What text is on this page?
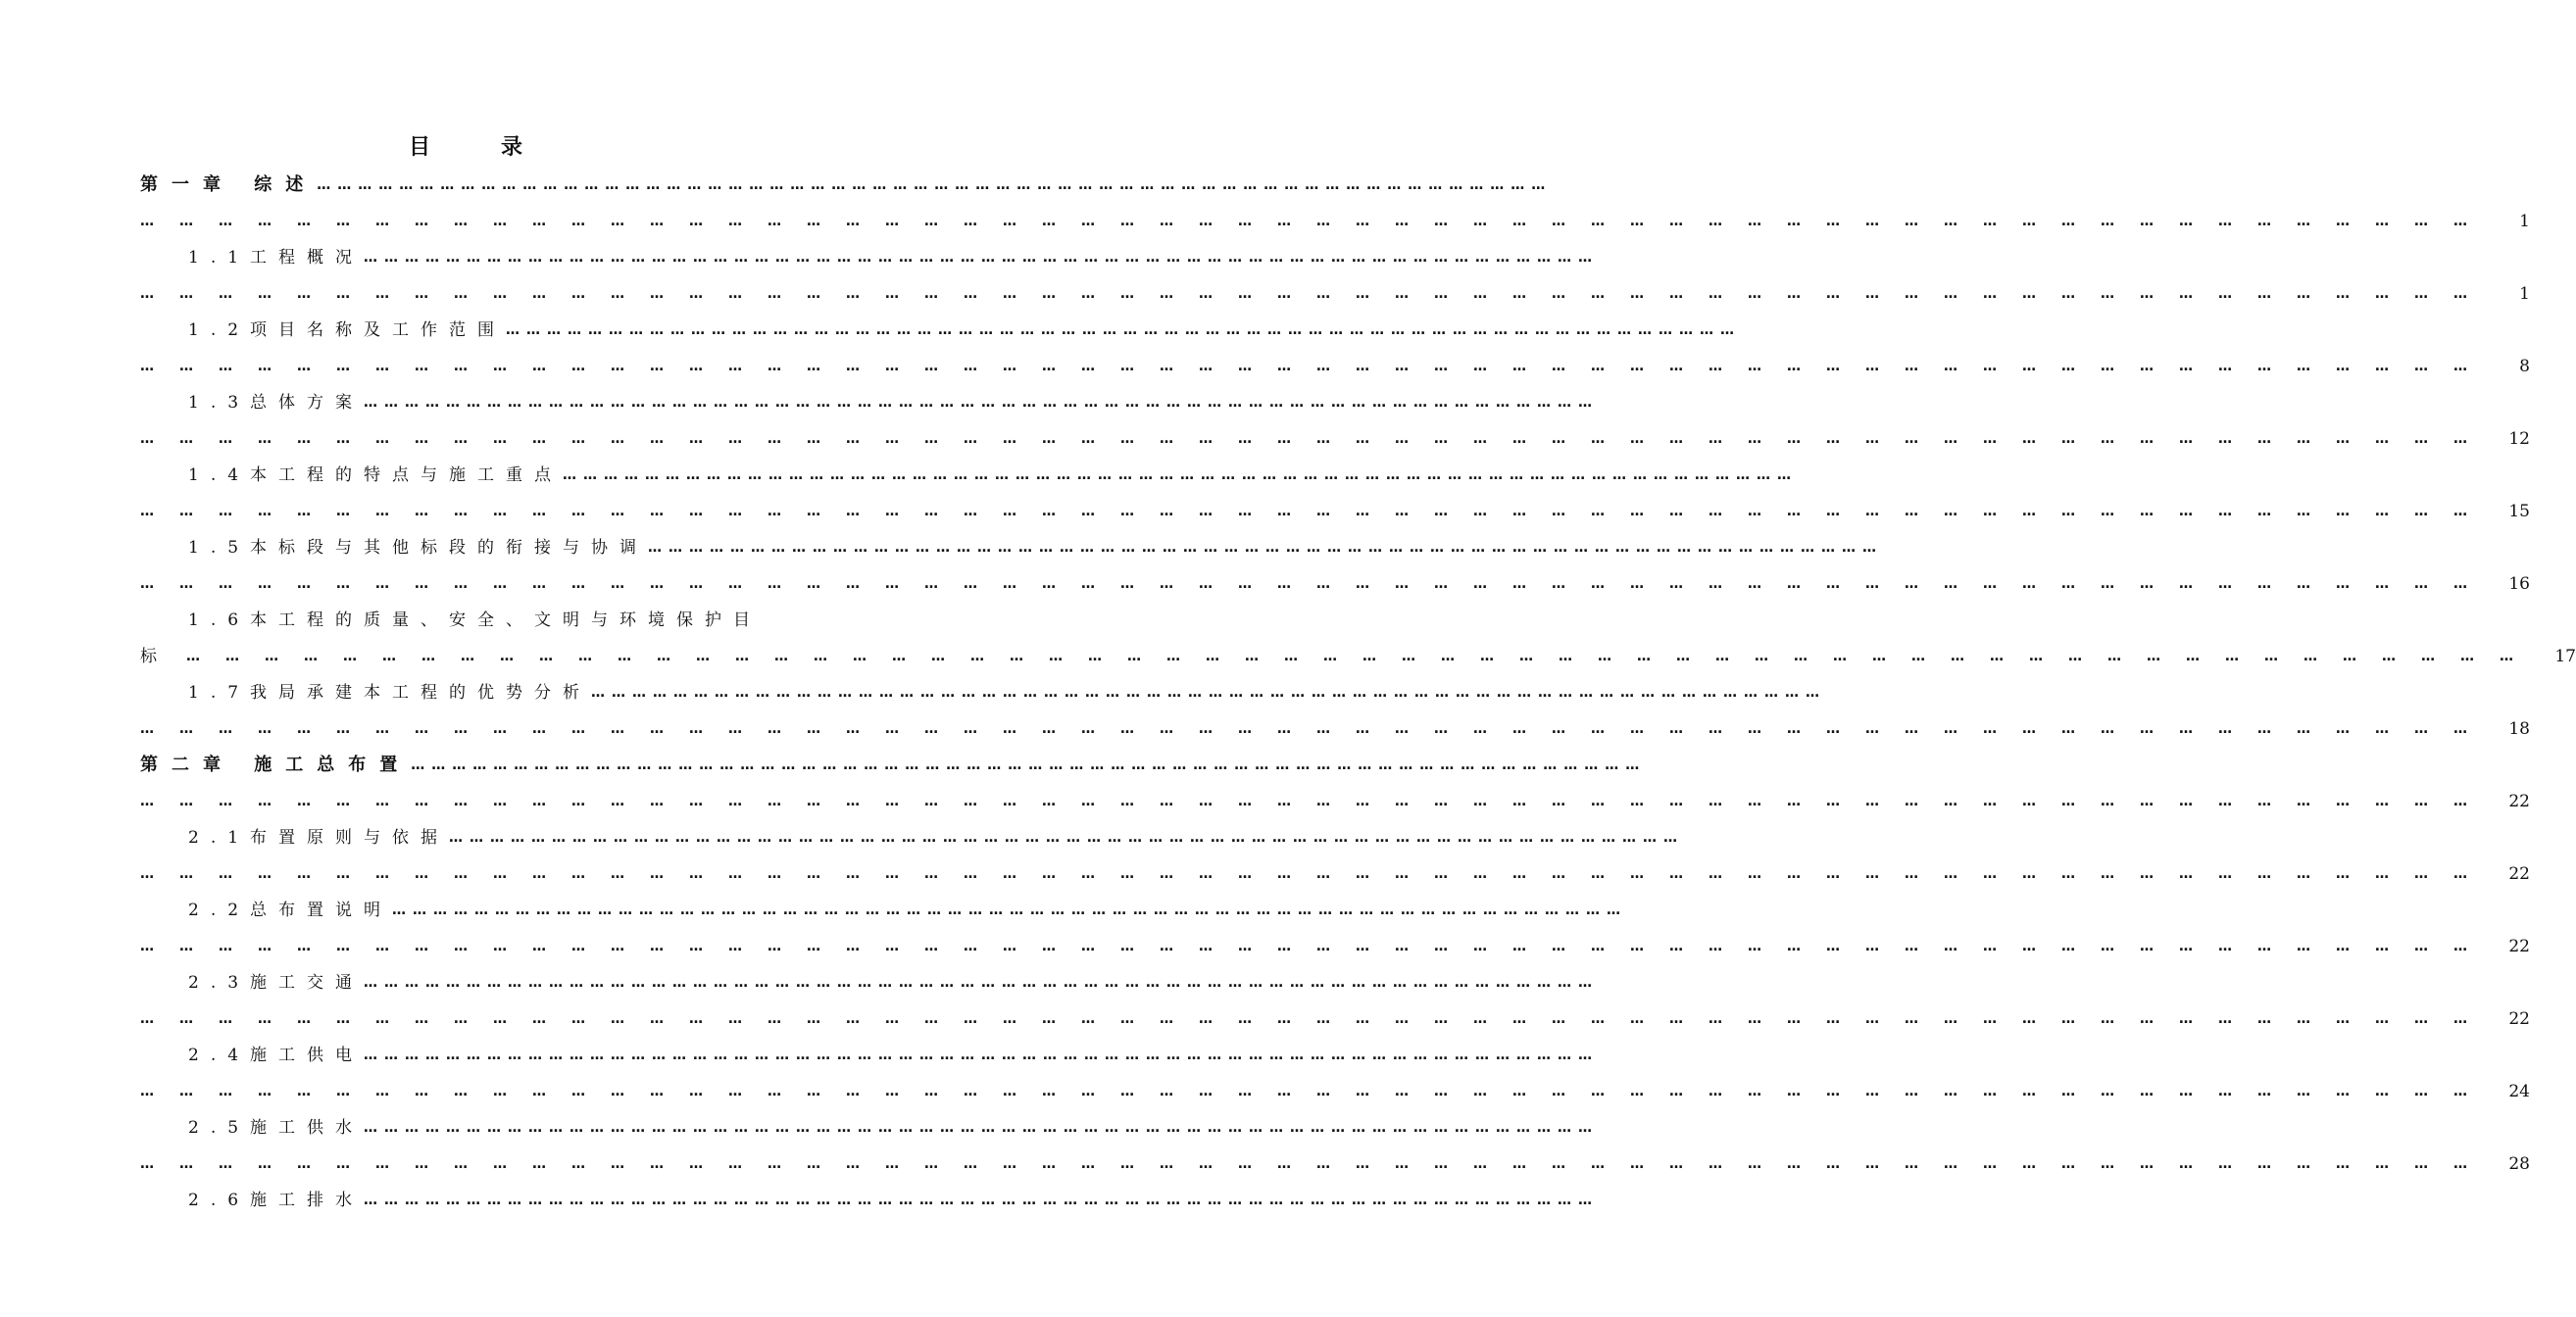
目录
第一章 综述 ………………………………………………………………………………………………………………………………………………………………
………………………………………………………………………………………………………………………………………………………………	1
1.1工程概况 ………………………………………………………………………………………………………………………………………………………………
………………………………………………………………………………………………………………………………………………………………	1
1.2项目名称及工作范围 ………………………………………………………………………………………………………………………………………………………………
………………………………………………………………………………………………………………………………………………………………	8
1.3总体方案 ………………………………………………………………………………………………………………………………………………………………
……………………………………………………………………………………………………………………………………………………………… 12
1.4本工程的特点与施工重点 ………………………………………………………………………………………………………………………………………………………………
……………………………………………………………………………………………………………………………………………………………… 15
1.5本标段与其他标段的衔接与协调 ………………………………………………………………………………………………………………………………………………………………
……………………………………………………………………………………………………………………………………………………………… 16
1.6本工程的质量、安全、文明与环境保护目
标	……………………………………………………………………………………………………………………………………………………………… 17
1.7我局承建本工程的优势分析 ………………………………………………………………………………………………………………………………………………………………
……………………………………………………………………………………………………………………………………………………………… 18
第二章 施工总布置 ………………………………………………………………………………………………………………………………………………………………
……………………………………………………………………………………………………………………………………………………………… 22
2.1布置原则与依据 ………………………………………………………………………………………………………………………………………………………………
……………………………………………………………………………………………………………………………………………………………… 22
2.2总布置说明 ………………………………………………………………………………………………………………………………………………………………
……………………………………………………………………………………………………………………………………………………………… 22
2.3施工交通 ………………………………………………………………………………………………………………………………………………………………
……………………………………………………………………………………………………………………………………………………………… 22
2.4施工供电 ………………………………………………………………………………………………………………………………………………………………
……………………………………………………………………………………………………………………………………………………………… 24
2.5施工供水 ………………………………………………………………………………………………………………………………………………………………
……………………………………………………………………………………………………………………………………………………………… 28
2.6施工排水 ………………………………………………………………………………………………………………………………………………………………
